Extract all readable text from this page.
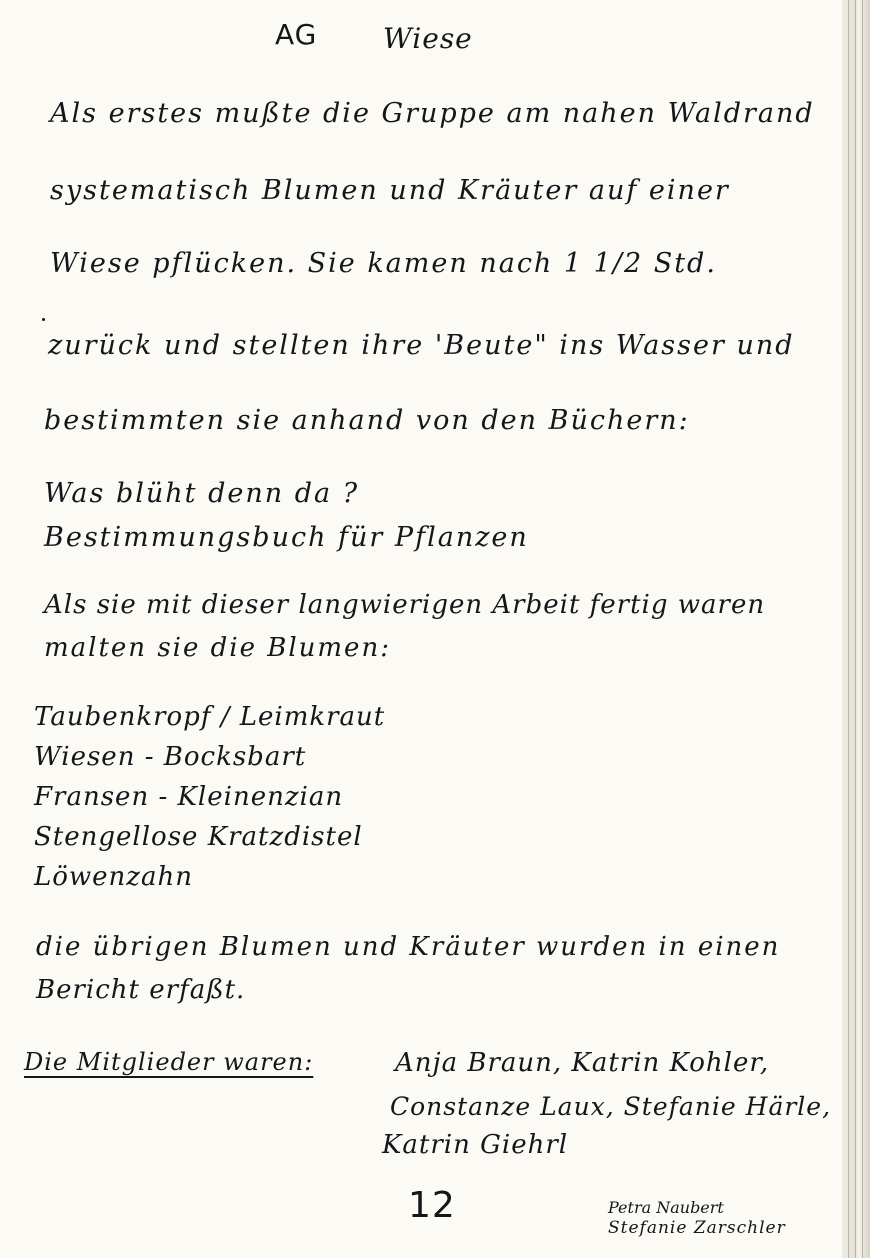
AG Wiese
Als erstes mußte die Gruppe am nahen Waldrand
systematisch Blumen und Kräuter auf einer
Wiese pflücken. Sie kamen nach 1 1/2 Std.
zurück und stellten ihre 'Beute" ins Wasser und
bestimmten sie anhand von den Büchern:
Was blüht denn da ?
Bestimmungsbuch für Pflanzen
Als sie mit dieser langwierigen Arbeit fertig waren
malten sie die Blumen:
Taubenkropf / Leimkraut
Wiesen - Bocksbart
Fransen - Kleinenzian
Stengellose Kratzdistel
Löwenzahn
die übrigen Blumen und Kräuter wurden in einen
Bericht erfaßt.
Die Mitglieder waren:	Anja Braun, Katrin Kohler,
Constanze Laux, Stefanie Härle,
Katrin Giehrl
12	Petra Naubert
Stefanie Zarschler
